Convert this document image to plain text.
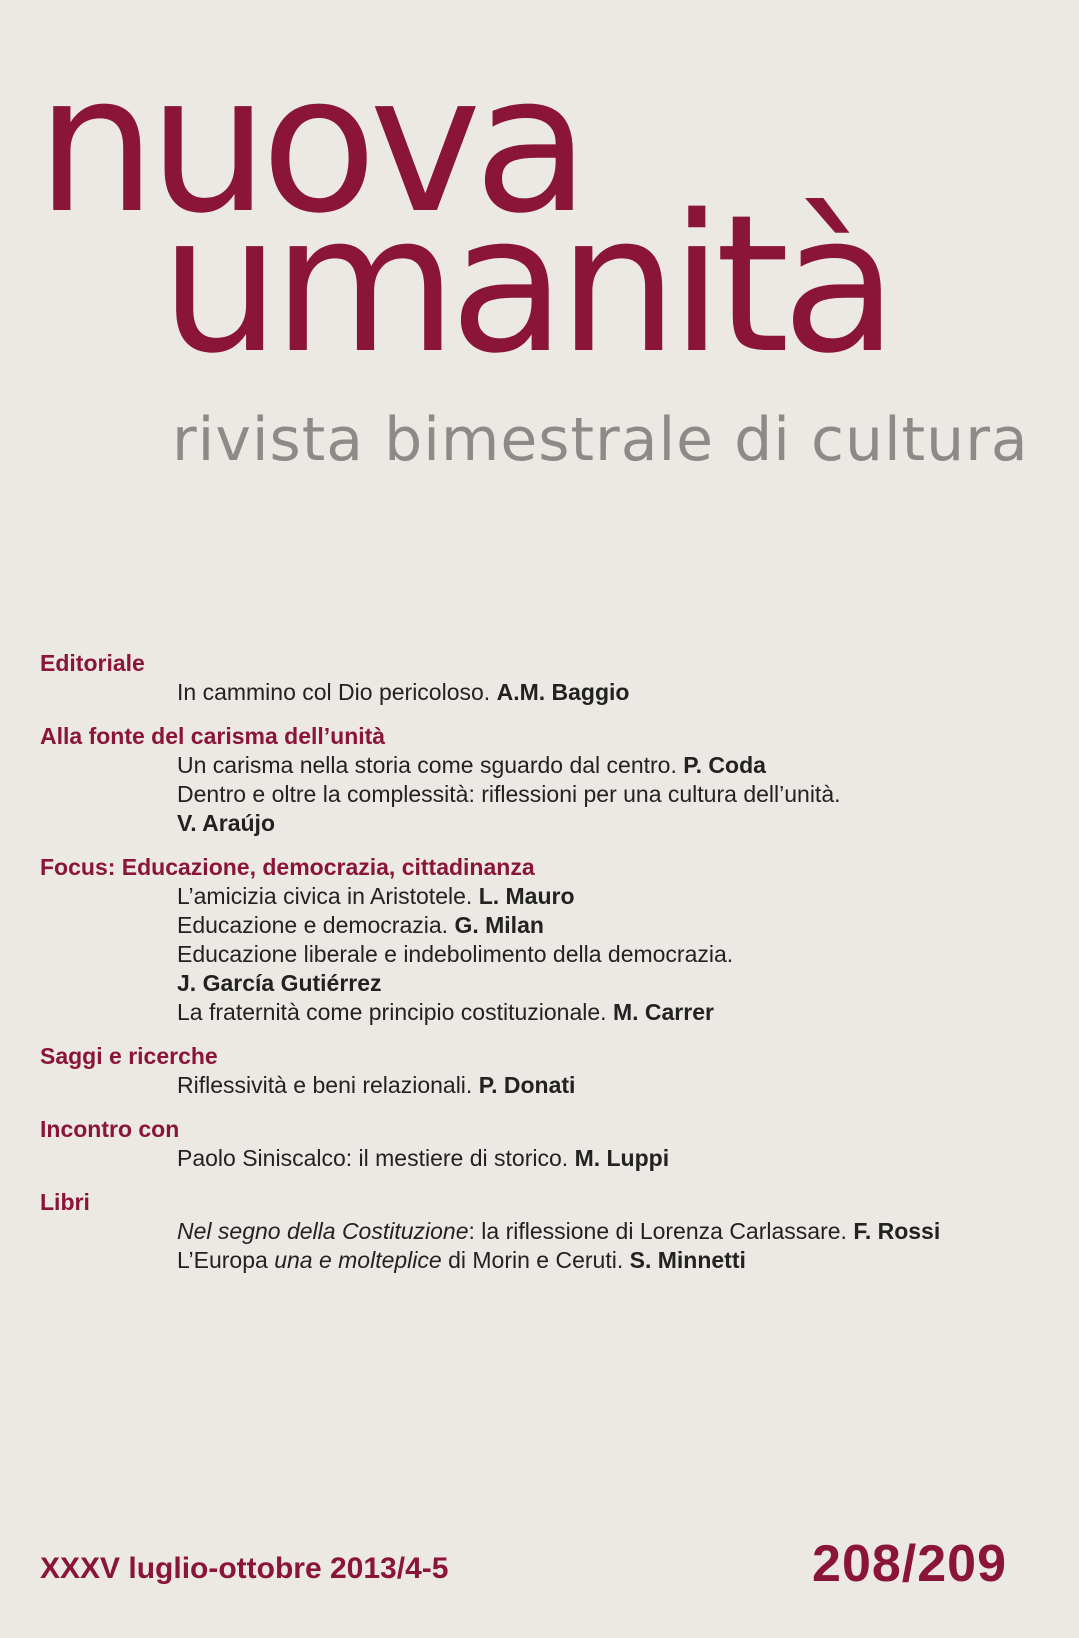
nuova
umanità

rivista bimestrale di cultura

Editoriale
In cammino col Dio pericoloso. A.M. Baggio
Alla fonte del carisma dell’unità
Un carisma nella storia come sguardo dal centro. P. Coda
Dentro e oltre la complessità: riflessioni per una cultura dell’unità.
V. Araújo
Focus: Educazione, democrazia, cittadinanza
L’amicizia civica in Aristotele. L. Mauro
Educazione e democrazia. G. Milan
Educazione liberale e indebolimento della democrazia.
J. García Gutiérrez
La fraternità come principio costituzionale. M. Carrer
Saggi e ricerche
Riflessività e beni relazionali. P. Donati
Incontro con
Paolo Siniscalco: il mestiere di storico. M. Luppi
Libri
Nel segno della Costituzione: la riflessione di Lorenza Carlassare. F. Rossi
L’Europa una e molteplice di Morin e Ceruti. S. Minnetti
XXXV luglio-ottobre 2013/4-5	208/209
